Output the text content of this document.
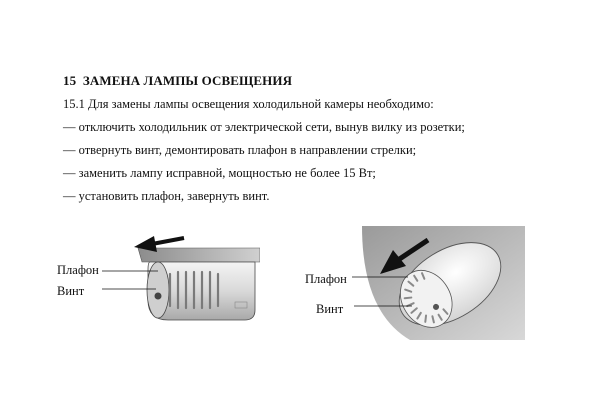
15 ЗАМЕНА ЛАМПЫ ОСВЕЩЕНИЯ
15.1 Для замены лампы освещения холодильной камеры необходимо:
— отключить холодильник от электрической сети, вынув вилку из розетки;
— отвернуть винт, демонтировать плафон в направлении стрелки;
— заменить лампу исправной, мощностью не более 15 Вт;
— установить плафон, завернуть винт.
Плафон
Винт
Плафон
Винт
